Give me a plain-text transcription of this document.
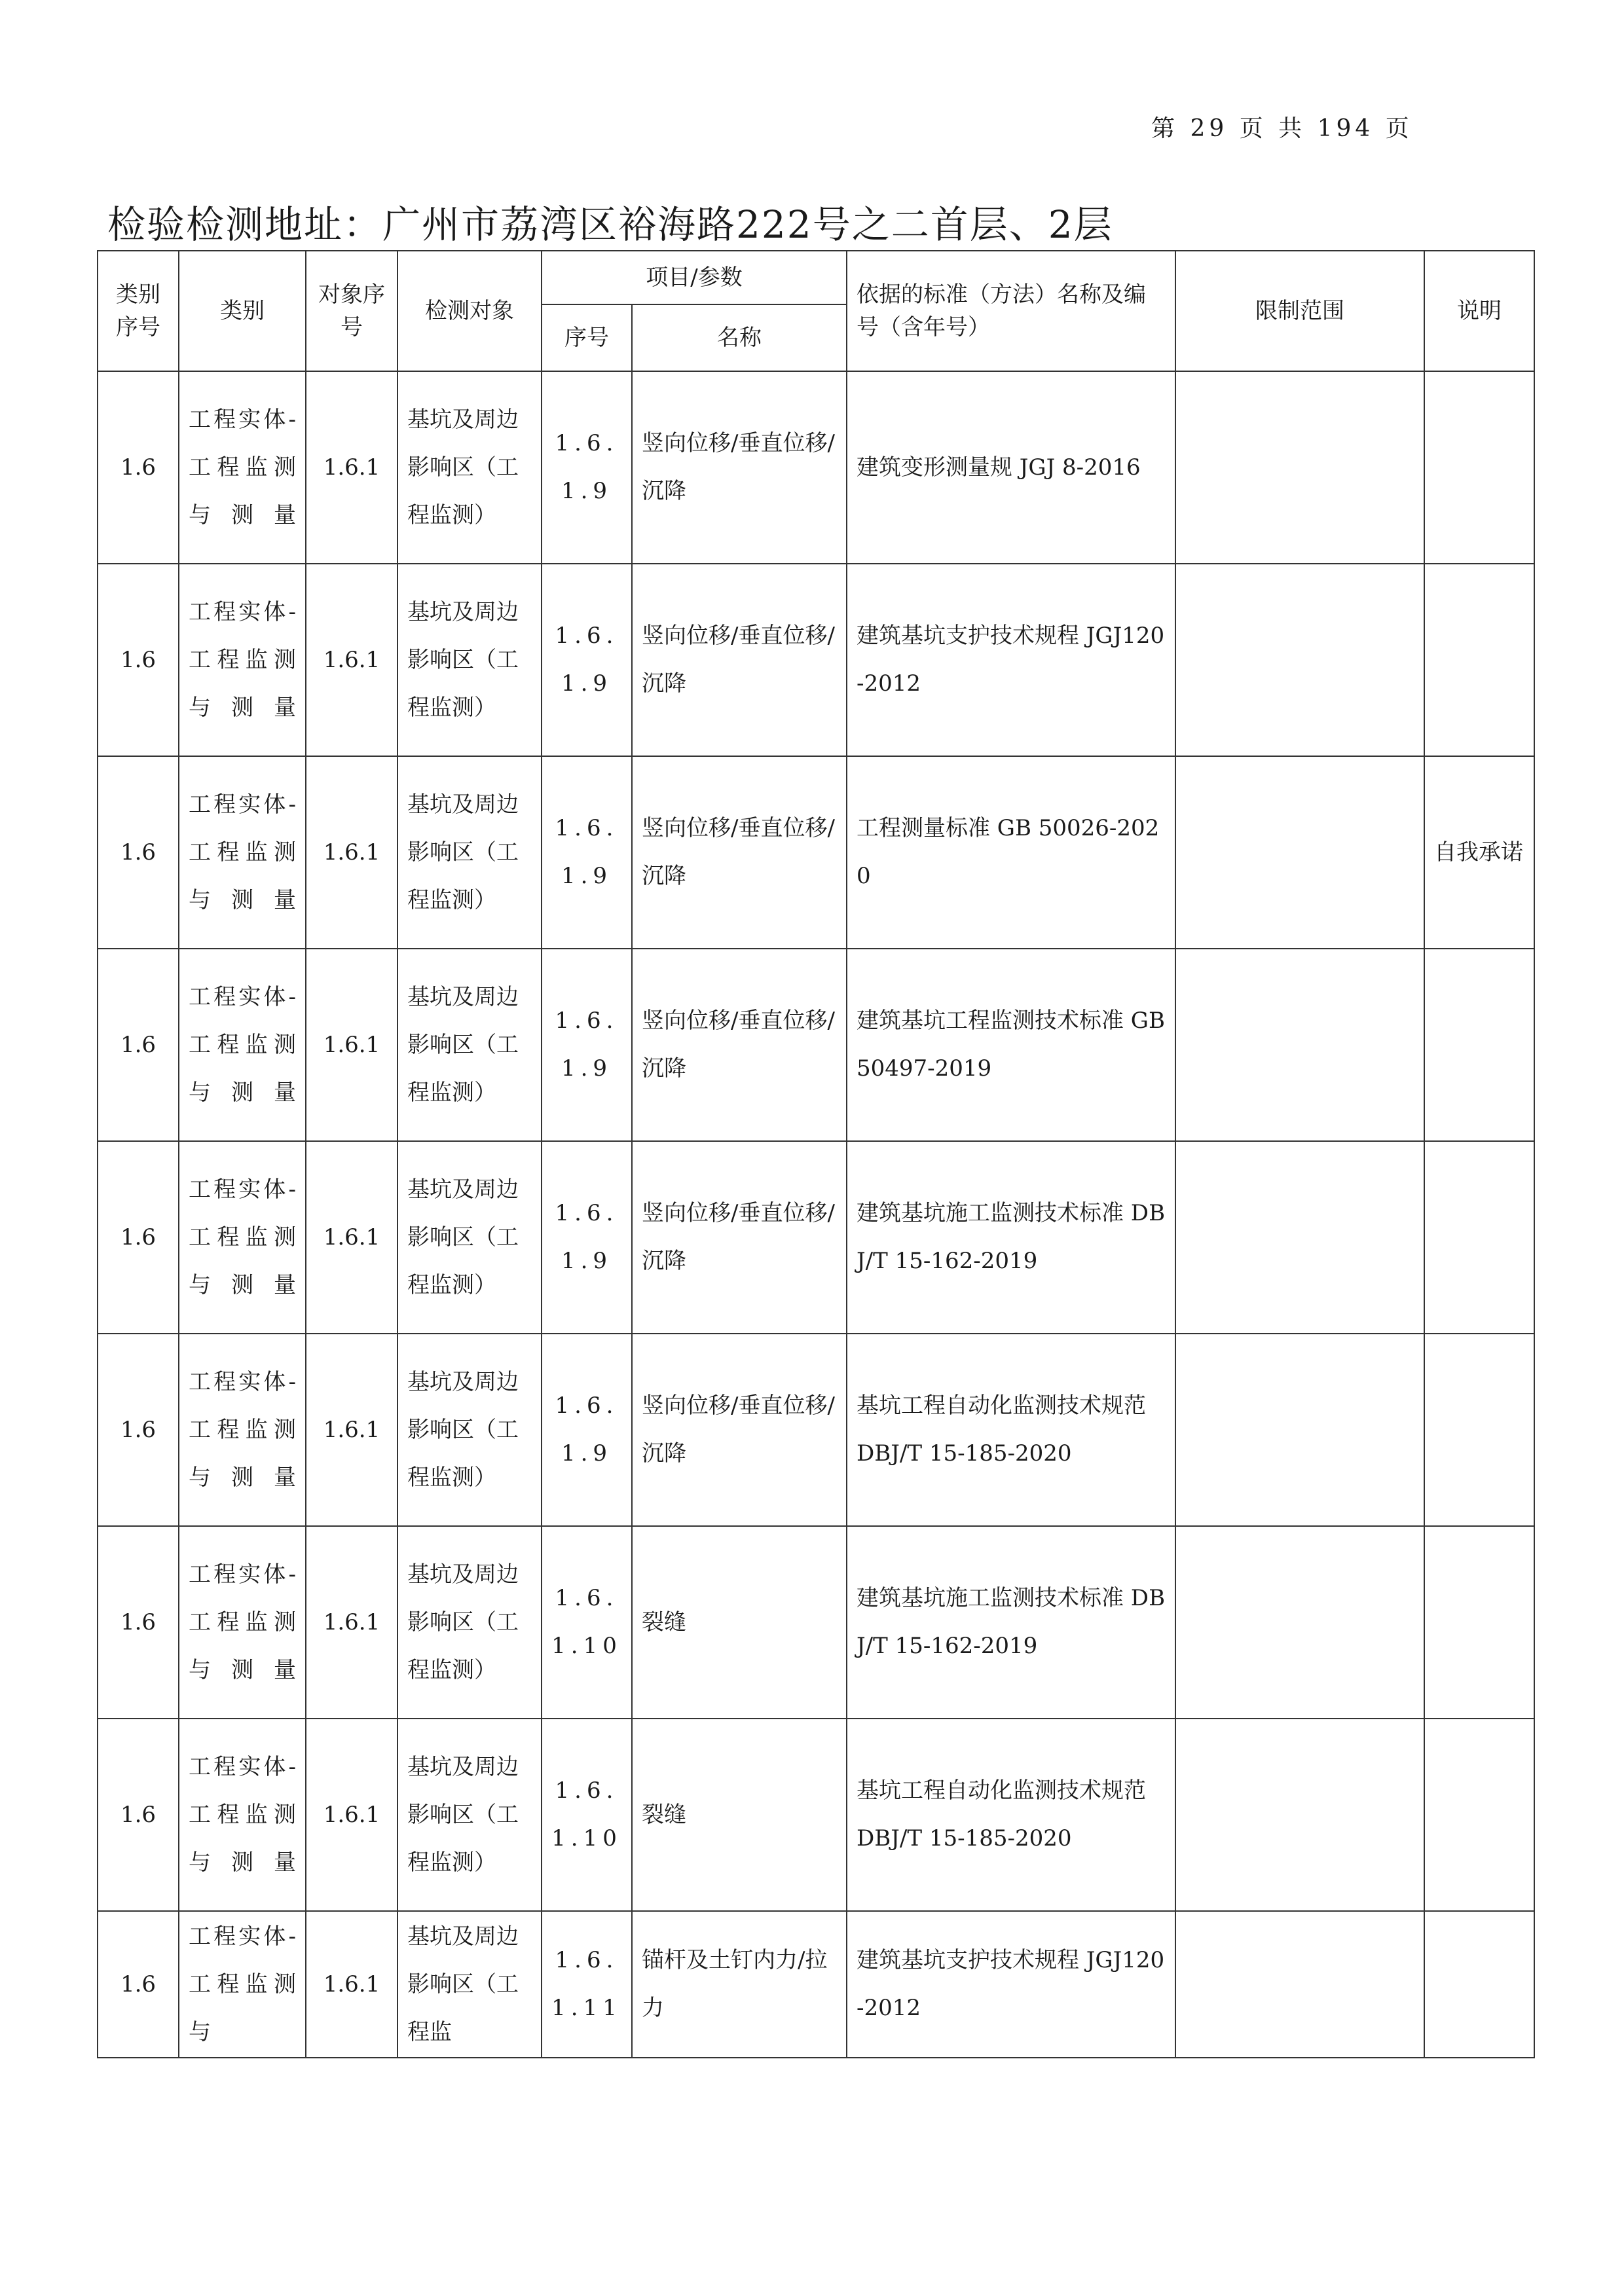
第 29 页 共 194 页
检验检测地址：广州市荔湾区裕海路222号之二首层、2层
类别序号	类别	对象序号	检测对象	项目/参数		依据的标准（方法）名称及编号（含年号）	限制范围	说明
				序号	名称			
1.6	工程实体-工程监测与测量	1.6.1	基坑及周边影响区（工程监测）	1.6.1.9	竖向位移/垂直位移/沉降	建筑变形测量规 JGJ 8-2016		
1.6	工程实体-工程监测与测量	1.6.1	基坑及周边影响区（工程监测）	1.6.1.9	竖向位移/垂直位移/沉降	建筑基坑支护技术规程 JGJ120-2012		
1.6	工程实体-工程监测与测量	1.6.1	基坑及周边影响区（工程监测）	1.6.1.9	竖向位移/垂直位移/沉降	工程测量标准 GB 50026-2020		自我承诺
1.6	工程实体-工程监测与测量	1.6.1	基坑及周边影响区（工程监测）	1.6.1.9	竖向位移/垂直位移/沉降	建筑基坑工程监测技术标准 GB50497-2019		
1.6	工程实体-工程监测与测量	1.6.1	基坑及周边影响区（工程监测）	1.6.1.9	竖向位移/垂直位移/沉降	建筑基坑施工监测技术标准 DBJ/T 15-162-2019		
1.6	工程实体-工程监测与测量	1.6.1	基坑及周边影响区（工程监测）	1.6.1.9	竖向位移/垂直位移/沉降	基坑工程自动化监测技术规范 DBJ/T 15-185-2020		
1.6	工程实体-工程监测与测量	1.6.1	基坑及周边影响区（工程监测）	1.6.1.10	裂缝	建筑基坑施工监测技术标准 DBJ/T 15-162-2019		
1.6	工程实体-工程监测与测量	1.6.1	基坑及周边影响区（工程监测）	1.6.1.10	裂缝	基坑工程自动化监测技术规范 DBJ/T 15-185-2020		
1.6	工程实体-工程监测与	1.6.1	基坑及周边影响区（工程监	1.6.1.11	锚杆及土钉内力/拉力	建筑基坑支护技术规程 JGJ120-2012		
